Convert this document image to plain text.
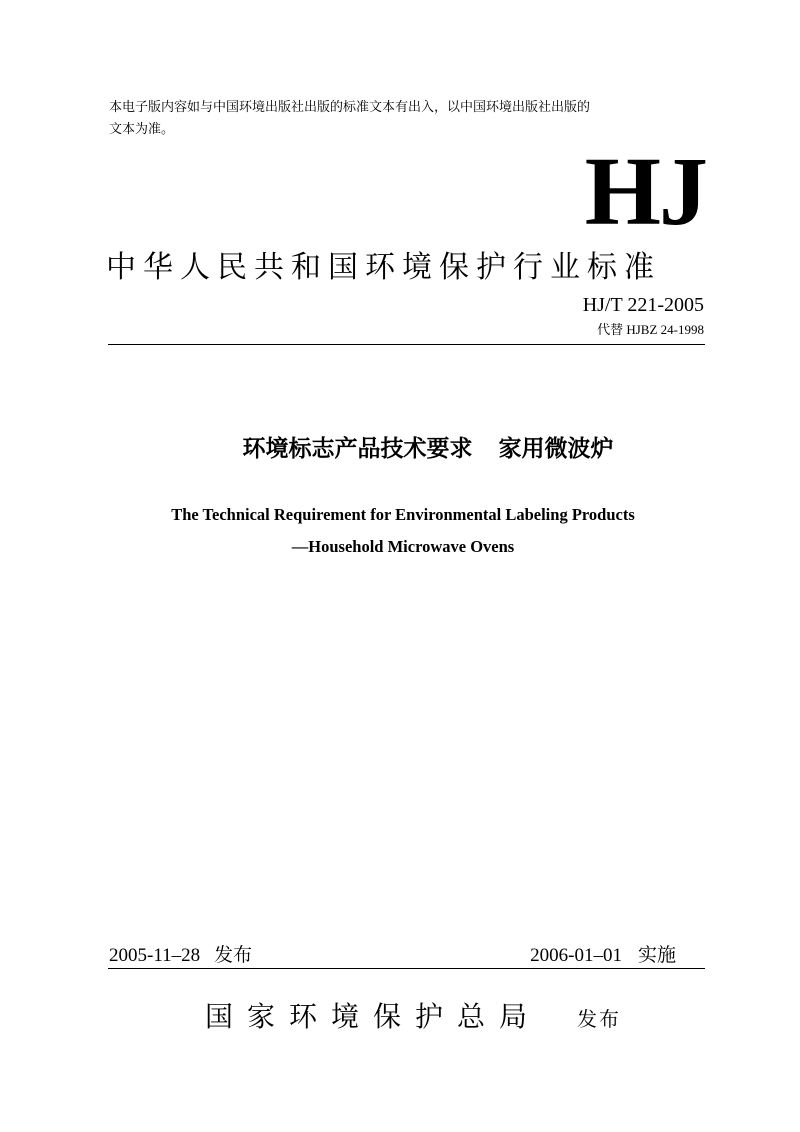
本电子版内容如与中国环境出版社出版的标准文本有出入，以中国环境出版社出版的
文本为准。
HJ
中华人民共和国环境保护行业标准
HJ/T 221-2005
代替 HJBZ 24-1998
环境标志产品技术要求 家用微波炉
The Technical Requirement for Environmental Labeling Products
—Household Microwave Ovens
2005-11–28 发布	2006-01–01 实施
国家环境保护总局 发布
